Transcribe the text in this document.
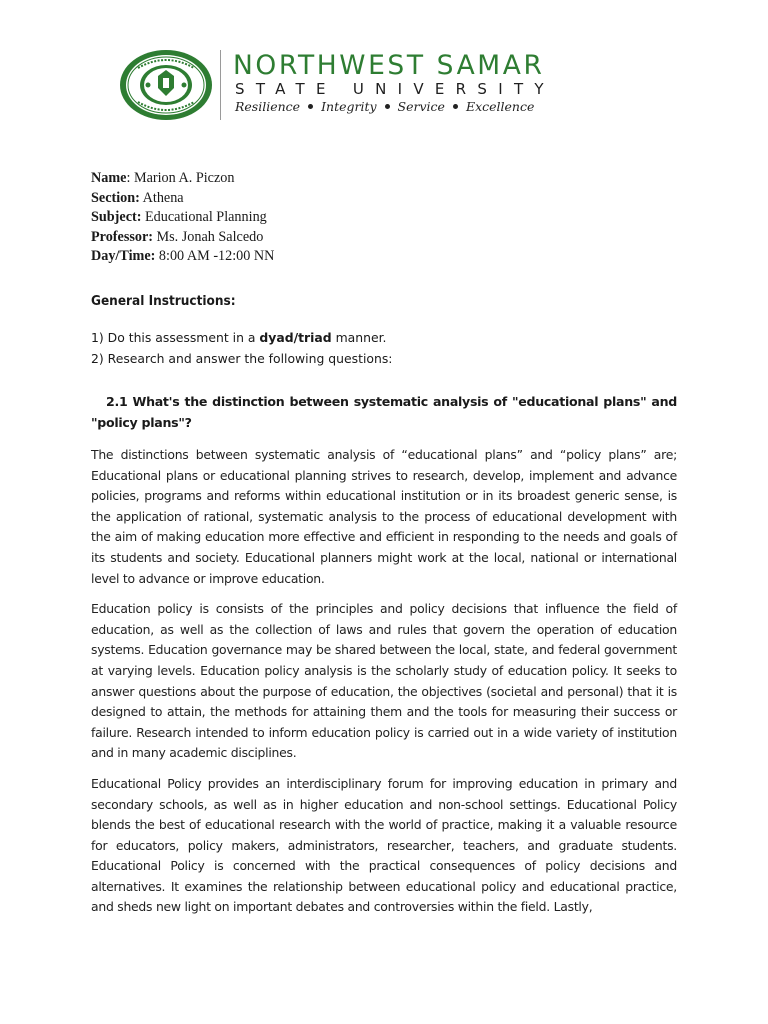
NORTHWEST SAMAR
STATE UNIVERSITY
Resilience Integrity Service Excellence
Name: Marion A. Piczon
Section: Athena
Subject: Educational Planning
Professor: Ms. Jonah Salcedo
Day/Time: 8:00 AM -12:00 NN
General Instructions:

1) Do this assessment in a dyad/triad manner.

2) Research and answer the following questions:

2.1 What's the distinction between systematic analysis of "educational plans" and "policy plans"?

The distinctions between systematic analysis of “educational plans” and “policy plans” are; Educational plans or educational planning strives to research, develop, implement and advance policies, programs and reforms within educational institution or in its broadest generic sense, is the application of rational, systematic analysis to the process of educational development with the aim of making education more effective and efficient in responding to the needs and goals of its students and society. Educational planners might work at the local, national or international level to advance or improve education.

Education policy is consists of the principles and policy decisions that influence the field of education, as well as the collection of laws and rules that govern the operation of education systems. Education governance may be shared between the local, state, and federal government at varying levels. Education policy analysis is the scholarly study of education policy. It seeks to answer questions about the purpose of education, the objectives (societal and personal) that it is designed to attain, the methods for attaining them and the tools for measuring their success or failure. Research intended to inform education policy is carried out in a wide variety of institution and in many academic disciplines.

Educational Policy provides an interdisciplinary forum for improving education in primary and secondary schools, as well as in higher education and non-school settings. Educational Policy blends the best of educational research with the world of practice, making it a valuable resource for educators, policy makers, administrators, researcher, teachers, and graduate students. Educational Policy is concerned with the practical consequences of policy decisions and alternatives. It examines the relationship between educational policy and educational practice, and sheds new light on important debates and controversies within the field. Lastly,
